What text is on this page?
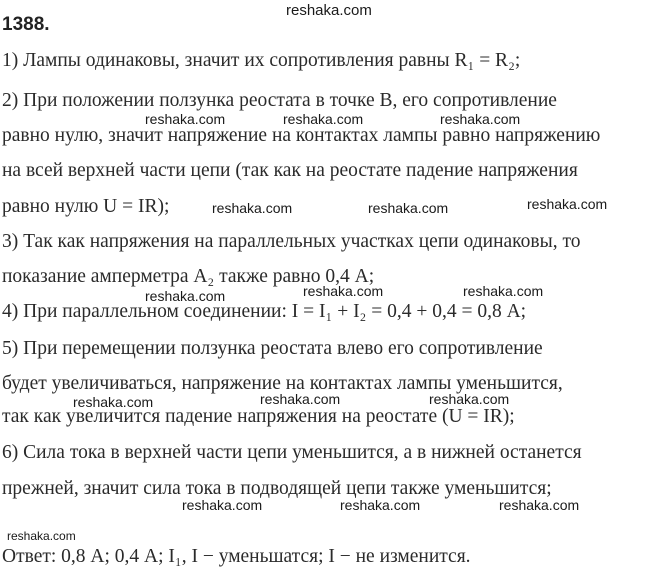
reshaka.com
1388.
1) Лампы одинаковы, значит их сопротивления равны R₁ = R₂;
2) При положении ползунка реостата в точке B, его сопротивление
reshaka.com	reshaka.com	reshaka.com
равно нулю, значит напряжение на контактах лампы равно напряжению
на всей верхней части цепи (так как на реостате падение напряжения
равно нулю U = IR);	reshaka.com	reshaka.com	reshaka.com
3) Так как напряжения на параллельных участках цепи одинаковы, то
показание амперметра A₂ также равно 0,4 А;
reshaka.com	reshaka.com	reshaka.com
4) При параллельном соединении: I = I₁ + I₂ = 0,4 + 0,4 = 0,8 А;
5) При перемещении ползунка реостата влево его сопротивление
будет увеличиваться, напряжение на контактах лампы уменьшится,
reshaka.com	reshaka.com	reshaka.com
так как увеличится падение напряжения на реостате (U = IR);
6) Сила тока в верхней части цепи уменьшится, а в нижней останется
прежней, значит сила тока в подводящей цепи также уменьшится;
reshaka.com	reshaka.com	reshaka.com
reshaka.com
Ответ: 0,8 А; 0,4 А; I₁, I − уменьшатся; I − не изменится.
